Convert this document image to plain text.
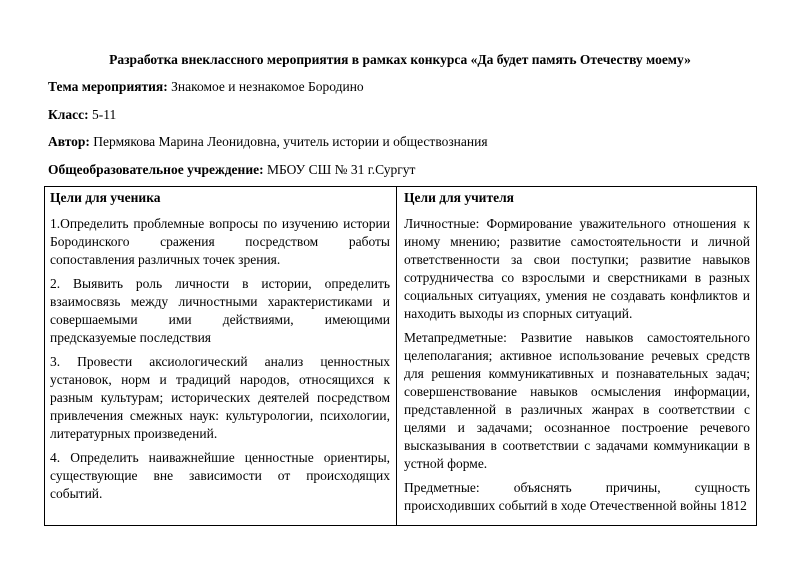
Разработка внеклассного мероприятия в рамках конкурса «Да будет память Отечеству моему»

Тема мероприятия: Знакомое и незнакомое Бородино

Класс: 5-11

Автор: Пермякова Марина Леонидовна, учитель истории и обществознания

Общеобразовательное учреждение: МБОУ СШ № 31 г.Сургут

Цели для ученика

1.Определить проблемные вопросы по изучению истории Бородинского сражения посредством работы сопоставления различных точек зрения.

2. Выявить роль личности в истории, определить взаимосвязь между личностными характеристиками и совершаемыми ими действиями, имеющими предсказуемые последствия

3. Провести аксиологический анализ ценностных установок, норм и традиций народов, относящихся к разным культурам; исторических деятелей посредством привлечения смежных наук: культурологии, психологии, литературных произведений.

4. Определить наиважнейшие ценностные ориентиры, существующие вне зависимости от происходящих событий.

Цели для учителя

Личностные: Формирование уважительного отношения к иному мнению; развитие самостоятельности и личной ответственности за свои поступки; развитие навыков сотрудничества со взрослыми и сверстниками в разных социальных ситуациях, умения не создавать конфликтов и находить выходы из спорных ситуаций.

Метапредметные: Развитие навыков самостоятельного целеполагания; активное использование речевых средств для решения коммуникативных и познавательных задач; совершенствование навыков осмысления информации, представленной в различных жанрах в соответствии с целями и задачами; осознанное построение речевого высказывания в соответствии с задачами коммуникации в устной форме.

Предметные: объяснять причины, сущность происходивших событий в ходе Отечественной войны 1812
